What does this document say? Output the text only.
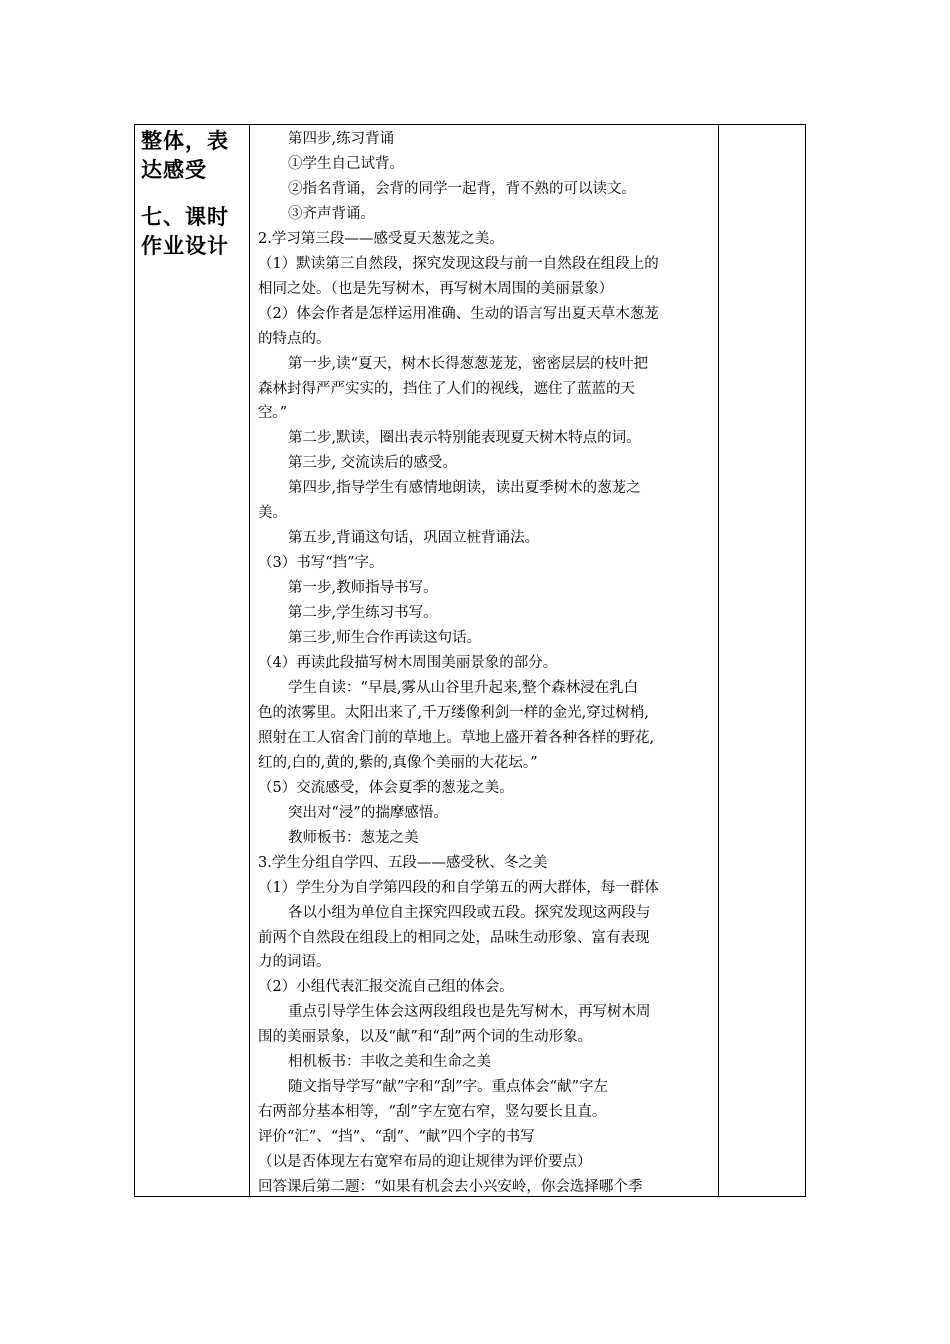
整体，表
达感受
七、课时
作业设计
第四步,练习背诵
①学生自己试背。
②指名背诵，会背的同学一起背，背不熟的可以读文。
③齐声背诵。
2.学习第三段——感受夏天葱茏之美。
（1）默读第三自然段，探究发现这段与前一自然段在组段上的
相同之处。（也是先写树木，再写树木周围的美丽景象）
（2）体会作者是怎样运用准确、生动的语言写出夏天草木葱茏
的特点的。
第一步,读“夏天，树木长得葱葱茏茏，密密层层的枝叶把
森林封得严严实实的，挡住了人们的视线，遮住了蓝蓝的天
空。”
第二步,默读，圈出表示特别能表现夏天树木特点的词。
第三步, 交流读后的感受。
第四步,指导学生有感情地朗读，读出夏季树木的葱茏之
美。
第五步,背诵这句话，巩固立桩背诵法。
（3）书写“挡”字。
第一步,教师指导书写。
第二步,学生练习书写。
第三步,师生合作再读这句话。
（4）再读此段描写树木周围美丽景象的部分。
学生自读：“早晨,雾从山谷里升起来,整个森林浸在乳白
色的浓雾里。太阳出来了,千万缕像利剑一样的金光,穿过树梢,
照射在工人宿舍门前的草地上。草地上盛开着各种各样的野花,
红的,白的,黄的,紫的,真像个美丽的大花坛。”
（5）交流感受，体会夏季的葱茏之美。
突出对“浸”的揣摩感悟。
教师板书：葱茏之美
3.学生分组自学四、五段——感受秋、冬之美
（1）学生分为自学第四段的和自学第五的两大群体，每一群体
各以小组为单位自主探究四段或五段。探究发现这两段与
前两个自然段在组段上的相同之处，品味生动形象、富有表现
力的词语。
（2）小组代表汇报交流自己组的体会。
重点引导学生体会这两段组段也是先写树木，再写树木周
围的美丽景象，以及“献”和“刮”两个词的生动形象。
相机板书：丰收之美和生命之美
随文指导学写“献”字和“刮”字。重点体会“献”字左
右两部分基本相等，“刮”字左宽右窄，竖勾要长且直。
评价“汇”、“挡”、“刮”、“献”四个字的书写
（以是否体现左右宽窄布局的迎让规律为评价要点）
回答课后第二题：“如果有机会去小兴安岭，你会选择哪个季
